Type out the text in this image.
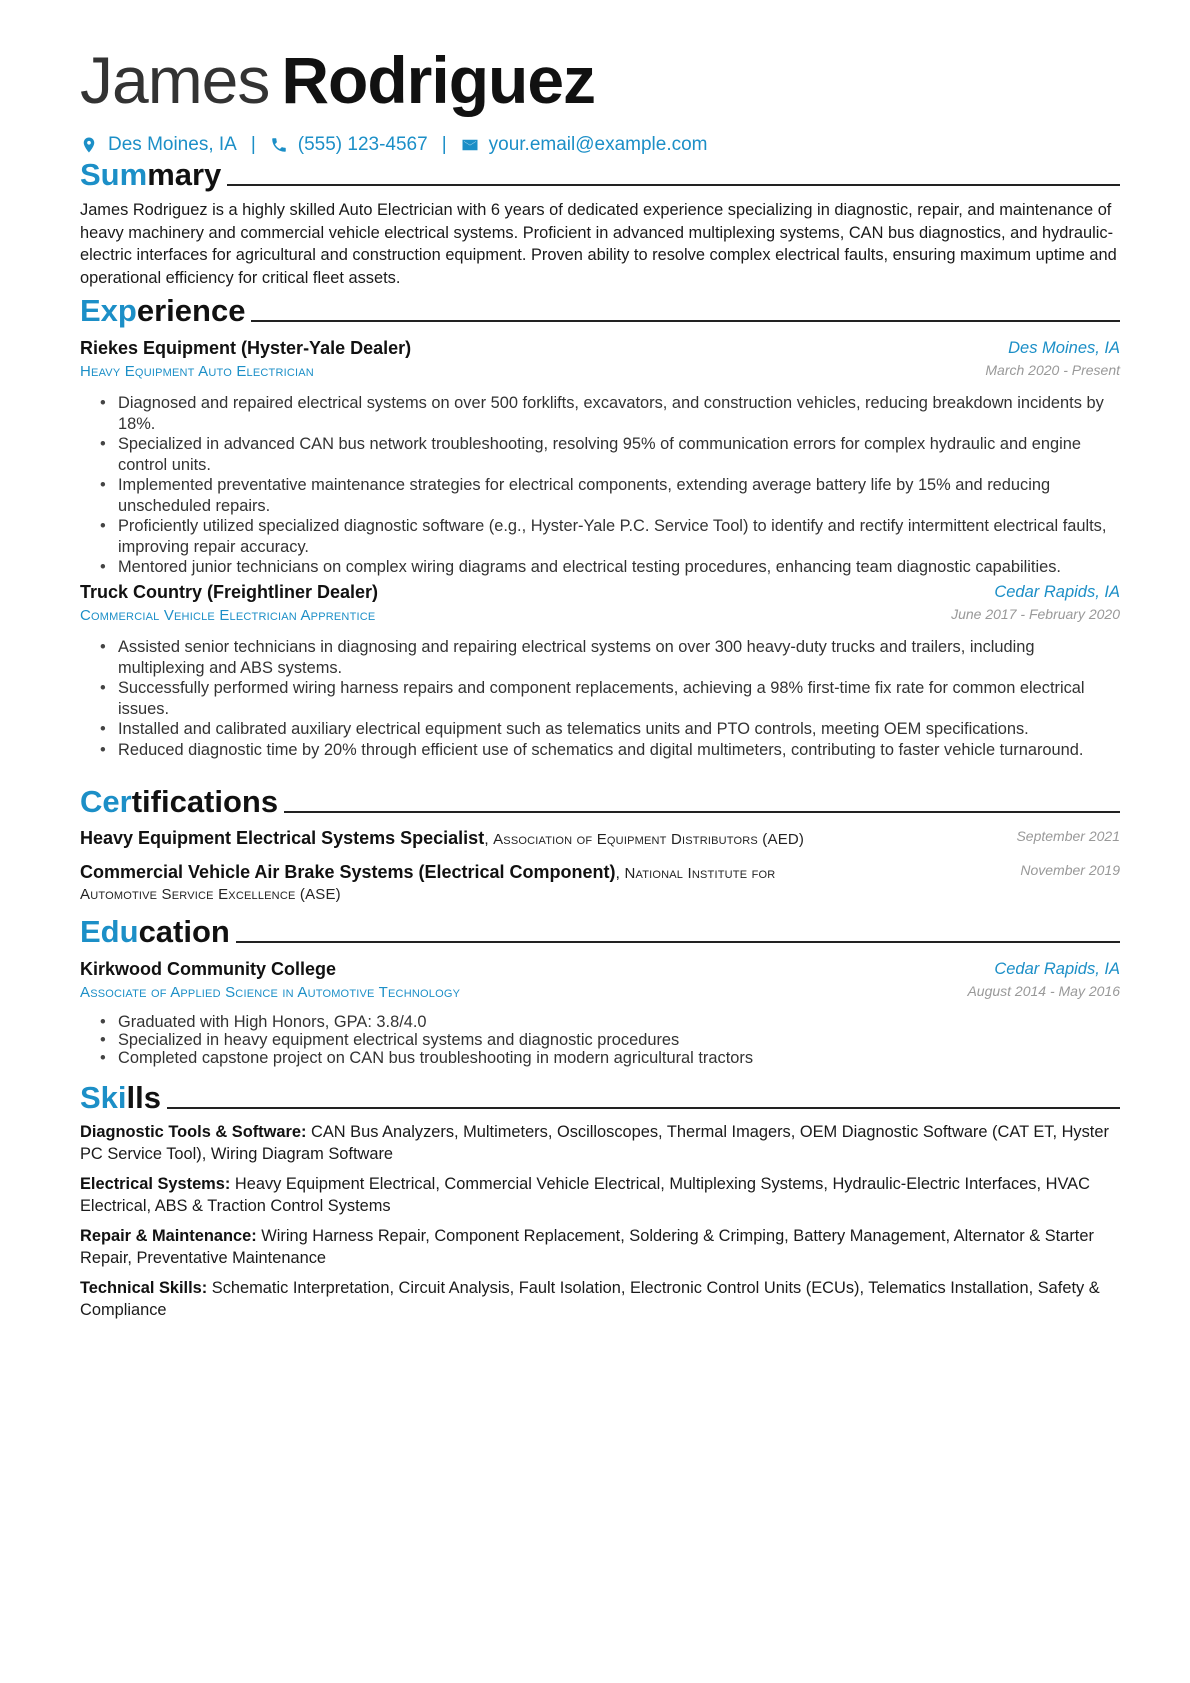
James Rodriguez
Des Moines, IA | (555) 123-4567 | your.email@example.com
Summary
James Rodriguez is a highly skilled Auto Electrician with 6 years of dedicated experience specializing in diagnostic, repair, and maintenance of heavy machinery and commercial vehicle electrical systems. Proficient in advanced multiplexing systems, CAN bus diagnostics, and hydraulic-electric interfaces for agricultural and construction equipment. Proven ability to resolve complex electrical faults, ensuring maximum uptime and operational efficiency for critical fleet assets.
Experience
Riekes Equipment (Hyster-Yale Dealer)
Heavy Equipment Auto Electrician
Des Moines, IA
March 2020 - Present
• Diagnosed and repaired electrical systems on over 500 forklifts, excavators, and construction vehicles, reducing breakdown incidents by 18%.
• Specialized in advanced CAN bus network troubleshooting, resolving 95% of communication errors for complex hydraulic and engine control units.
• Implemented preventative maintenance strategies for electrical components, extending average battery life by 15% and reducing unscheduled repairs.
• Proficiently utilized specialized diagnostic software (e.g., Hyster-Yale P.C. Service Tool) to identify and rectify intermittent electrical faults, improving repair accuracy.
• Mentored junior technicians on complex wiring diagrams and electrical testing procedures, enhancing team diagnostic capabilities.
Truck Country (Freightliner Dealer)
Commercial Vehicle Electrician Apprentice
Cedar Rapids, IA
June 2017 - February 2020
• Assisted senior technicians in diagnosing and repairing electrical systems on over 300 heavy-duty trucks and trailers, including multiplexing and ABS systems.
• Successfully performed wiring harness repairs and component replacements, achieving a 98% first-time fix rate for common electrical issues.
• Installed and calibrated auxiliary electrical equipment such as telematics units and PTO controls, meeting OEM specifications.
• Reduced diagnostic time by 20% through efficient use of schematics and digital multimeters, contributing to faster vehicle turnaround.
Certifications
Heavy Equipment Electrical Systems Specialist, Association of Equipment Distributors (AED)	September 2021
Commercial Vehicle Air Brake Systems (Electrical Component), National Institute for Automotive Service Excellence (ASE)
November 2019
Education
Kirkwood Community College
Associate of Applied Science in Automotive Technology
Cedar Rapids, IA
August 2014 - May 2016
• Graduated with High Honors, GPA: 3.8/4.0
• Specialized in heavy equipment electrical systems and diagnostic procedures
• Completed capstone project on CAN bus troubleshooting in modern agricultural tractors
Skills
Diagnostic Tools & Software: CAN Bus Analyzers, Multimeters, Oscilloscopes, Thermal Imagers, OEM Diagnostic Software (CAT ET, Hyster PC Service Tool), Wiring Diagram Software
Electrical Systems: Heavy Equipment Electrical, Commercial Vehicle Electrical, Multiplexing Systems, Hydraulic-Electric Interfaces, HVAC Electrical, ABS & Traction Control Systems
Repair & Maintenance: Wiring Harness Repair, Component Replacement, Soldering & Crimping, Battery Management, Alternator & Starter Repair, Preventative Maintenance
Technical Skills: Schematic Interpretation, Circuit Analysis, Fault Isolation, Electronic Control Units (ECUs), Telematics Installation, Safety & Compliance
